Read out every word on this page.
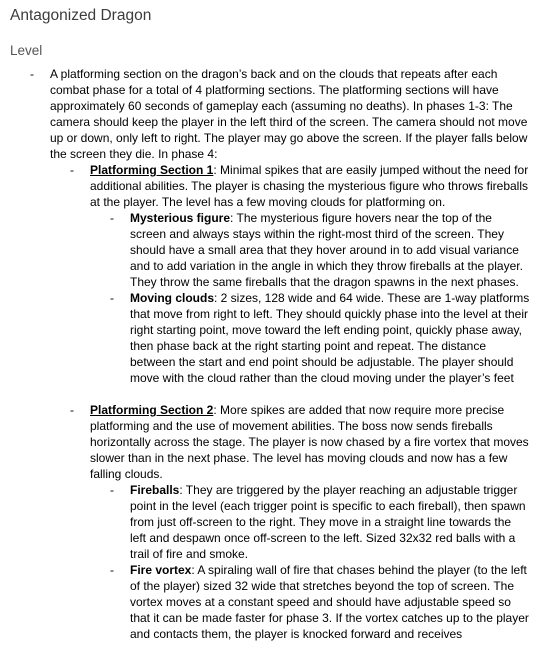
Antagonized Dragon
Level
- A platforming section on the dragon’s back and on the clouds that repeats after each combat phase for a total of 4 platforming sections. The platforming sections will have approximately 60 seconds of gameplay each (assuming no deaths). In phases 1-3: The camera should keep the player in the left third of the screen. The camera should not move up or down, only left to right. The player may go above the screen. If the player falls below the screen they die. In phase 4:

- Platforming Section 1: Minimal spikes that are easily jumped without the need for additional abilities. The player is chasing the mysterious figure who throws fireballs at the player. The level has a few moving clouds for platforming on.

- Mysterious figure: The mysterious figure hovers near the top of the screen and always stays within the right-most third of the screen. They should have a small area that they hover around in to add visual variance and to add variation in the angle in which they throw fireballs at the player. They throw the same fireballs that the dragon spawns in the next phases.

- Moving clouds: 2 sizes, 128 wide and 64 wide. These are 1-way platforms that move from right to left. They should quickly phase into the level at their right starting point, move toward the left ending point, quickly phase away, then phase back at the right starting point and repeat. The distance between the start and end point should be adjustable. The player should move with the cloud rather than the cloud moving under the player’s feet

- Platforming Section 2: More spikes are added that now require more precise platforming and the use of movement abilities. The boss now sends fireballs horizontally across the stage. The player is now chased by a fire vortex that moves slower than in the next phase. The level has moving clouds and now has a few falling clouds.

- Fireballs: They are triggered by the player reaching an adjustable trigger point in the level (each trigger point is specific to each fireball), then spawn from just off-screen to the right. They move in a straight line towards the left and despawn once off-screen to the left. Sized 32x32 red balls with a trail of fire and smoke.

- Fire vortex: A spiraling wall of fire that chases behind the player (to the left of the player) sized 32 wide that stretches beyond the top of screen. The vortex moves at a constant speed and should have adjustable speed so that it can be made faster for phase 3. If the vortex catches up to the player and contacts them, the player is knocked forward and receives
